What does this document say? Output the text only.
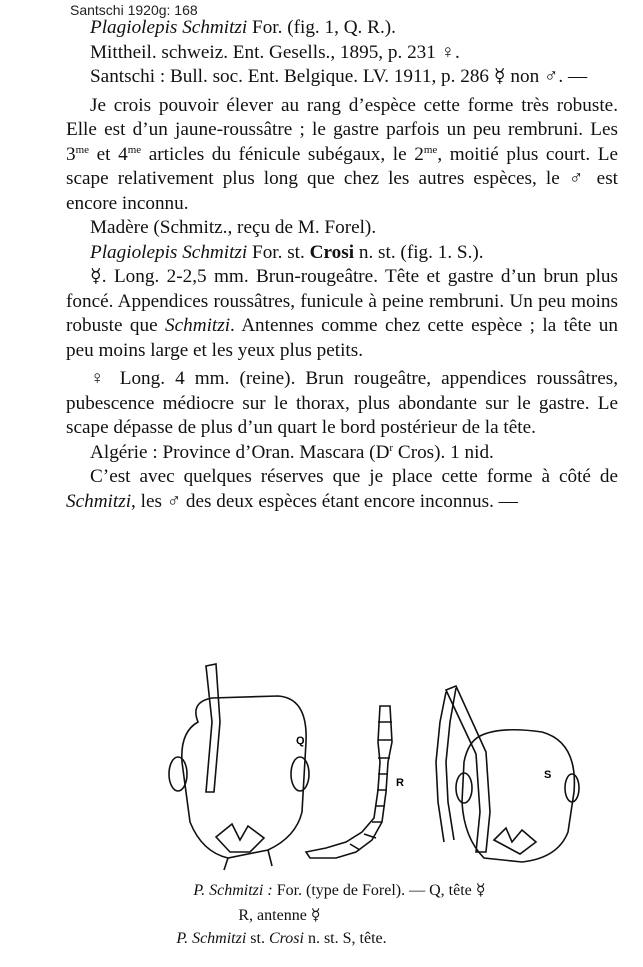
Santschi 1920g: 168

Plagiolepis Schmitzi For. (fig. 1, Q. R.).

Mittheil. schweiz. Ent. Gesells., 1895, p. 231 ♀.

Santschi : Bull. soc. Ent. Belgique. LV. 1911, p. 286 ☿ non ♂. —

Je crois pouvoir élever au rang d’espèce cette forme très robuste. Elle est d’un jaune-roussâtre ; le gastre parfois un peu rembruni. Les $3^{me}$ et $4^{me}$ articles du fénicule subégaux, le $2^{me}$, moitié plus court. Le scape relativement plus long que chez les autres espèces, le ♂ est encore inconnu.

Madère (Schmitz., reçu de M. Forel).

Plagiolepis Schmitzi For. st. Crosi n. st. (fig. 1. S.).

☿. Long. 2-2,5 mm. Brun-rougeâtre. Tête et gastre d’un brun plus foncé. Appendices roussâtres, funicule à peine rembruni. Un peu moins robuste que Schmitzi. Antennes comme chez cette espèce ; la tête un peu moins large et les yeux plus petits.

♀ Long. 4 mm. (reine). Brun rougeâtre, appendices roussâtres, pubescence médiocre sur le thorax, plus abondante sur le gastre. Le scape dépasse de plus d’un quart le bord postérieur de la tête.

Algérie : Province d’Oran. Mascara ($D^r$ Cros). 1 nid.

C’est avec quelques réserves que je place cette forme à côté de Schmitzi, les ♂ des deux espèces étant encore inconnus. —

Q
R
S
P. Schmitzi : For. (type de Forel). — Q, tête ☿
R, antenne ☿
P. Schmitzi st. Crosi n. st. S, tête.
